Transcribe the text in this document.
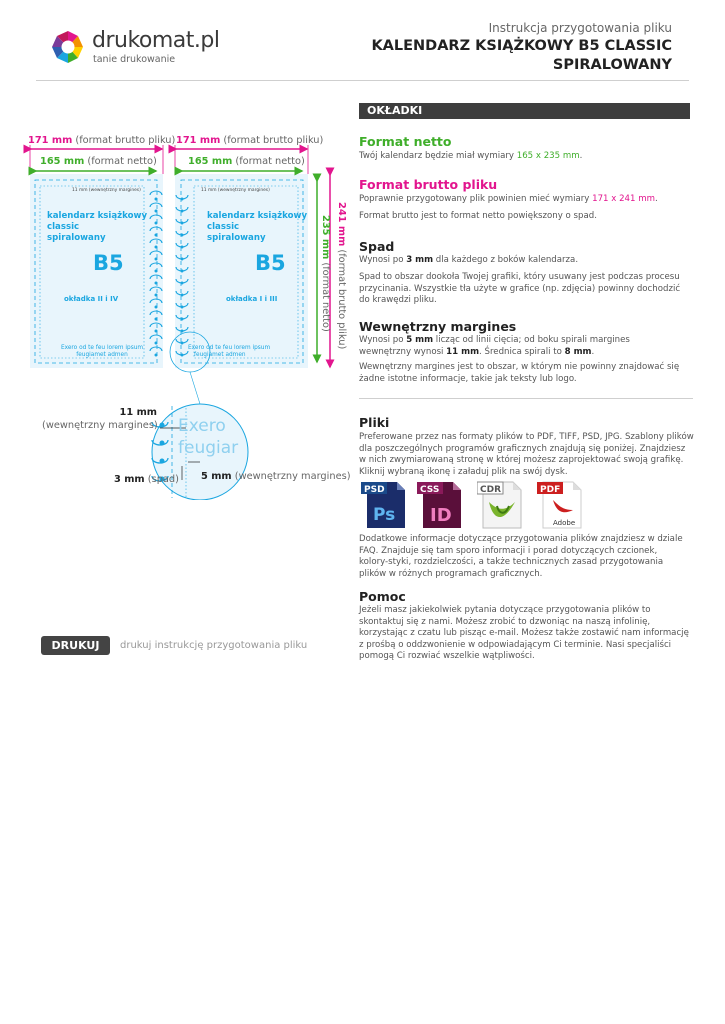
drukomat.pl
tanie drukowanie
Instrukcja przygotowania pliku
KALENDARZ KSIĄŻKOWY B5 CLASSIC
SPIRALOWANY
OKŁADKI
Format netto
Twój kalendarz będzie miał wymiary 165 x 235 mm.
Format brutto pliku
Poprawnie przygotowany plik powinien mieć wymiary 171 x 241 mm.
Format brutto jest to format netto powiększony o spad.
Spad
Wynosi po 3 mm dla każdego z boków kalendarza.
Spad to obszar dookoła Twojej grafiki, który usuwany jest podczas procesu przycinania. Wszystkie tła użyte w grafice (np. zdjęcia) powinny dochodzić do krawędzi pliku.
Wewnętrzny margines
Wynosi po 5 mm licząc od linii cięcia; od boku spirali margines wewnętrzny wynosi 11 mm. Średnica spirali to 8 mm.
Wewnętrzny margines jest to obszar, w którym nie powinny znajdować się żadne istotne informacje, takie jak teksty lub logo.
Pliki
Preferowane przez nas formaty plików to PDF, TIFF, PSD, JPG. Szablony plików dla poszczególnych programów graficznych znajdują się poniżej. Znajdziesz w nich zwymiarowaną stronę w której możesz zaprojektować swoją grafikę. Kliknij wybraną ikonę i załaduj plik na swój dysk.
PSD
Ps
CSS
ID
CDR	PDF
Adobe
Dodatkowe informacje dotyczące przygotowania plików znajdziesz w dziale FAQ. Znajduje się tam sporo informacji i porad dotyczących czcionek, kolory-styki, rozdzielczości, a także technicznych zasad przygotowania plików w różnych programach graficznych.
Pomoc
Jeżeli masz jakiekolwiek pytania dotyczące przygotowania plików to skontaktuj się z nami. Możesz zrobić to dzwoniąc na naszą infolinię, korzystając z czatu lub pisząc e-mail. Możesz także zostawić nam informację z prośbą o oddzwonienie w odpowiadającym Ci terminie. Nasi specjaliści pomogą Ci rozwiać wszelkie wątpliwości.
171 mm (format brutto pliku) 171 mm (format brutto pliku)
165 mm (format netto)	165 mm (format netto)
11 mm (wewnętrzny margines)	11 mm (wewnętrzny margines)
kalendarz książkowy
classic
spiralowany
kalendarz książkowy
classic
spiralowany
B5	B5
okładka II i IV	okładka I i III
Exero od te feu lorem ipsum
feugiamet admen
Exero od te feu lorem ipsum
feugiamet admen
241 mm (format brutto pliku)
235 mm (format netto)
Exero
feugiar
11 mm
(wewnętrzny margines)
3 mm (spad) 5 mm (wewnętrzny margines)
DRUKUJ	drukuj instrukcję przygotowania pliku
